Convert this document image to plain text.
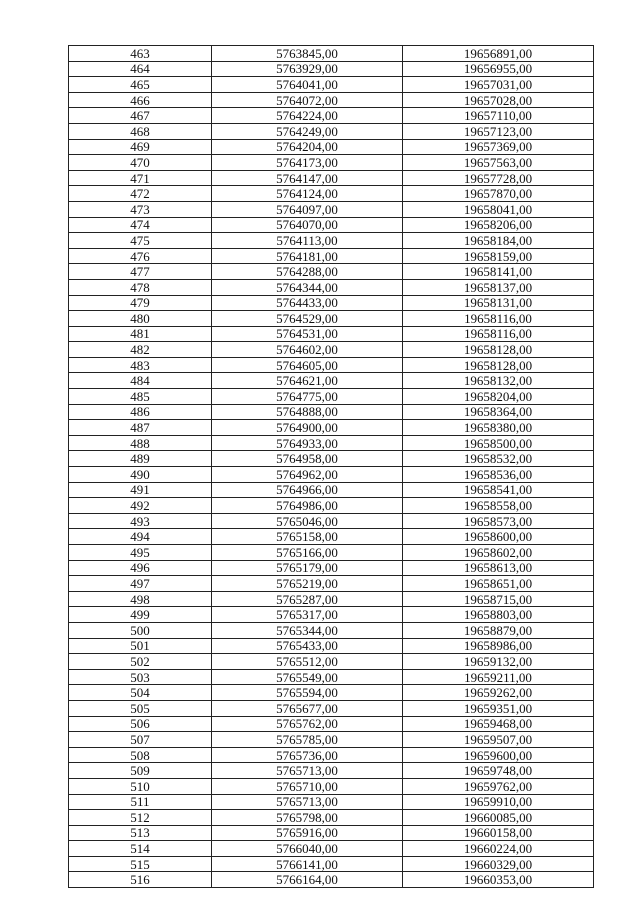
463	5763845,00	19656891,00
464	5763929,00	19656955,00
465	5764041,00	19657031,00
466	5764072,00	19657028,00
467	5764224,00	19657110,00
468	5764249,00	19657123,00
469	5764204,00	19657369,00
470	5764173,00	19657563,00
471	5764147,00	19657728,00
472	5764124,00	19657870,00
473	5764097,00	19658041,00
474	5764070,00	19658206,00
475	5764113,00	19658184,00
476	5764181,00	19658159,00
477	5764288,00	19658141,00
478	5764344,00	19658137,00
479	5764433,00	19658131,00
480	5764529,00	19658116,00
481	5764531,00	19658116,00
482	5764602,00	19658128,00
483	5764605,00	19658128,00
484	5764621,00	19658132,00
485	5764775,00	19658204,00
486	5764888,00	19658364,00
487	5764900,00	19658380,00
488	5764933,00	19658500,00
489	5764958,00	19658532,00
490	5764962,00	19658536,00
491	5764966,00	19658541,00
492	5764986,00	19658558,00
493	5765046,00	19658573,00
494	5765158,00	19658600,00
495	5765166,00	19658602,00
496	5765179,00	19658613,00
497	5765219,00	19658651,00
498	5765287,00	19658715,00
499	5765317,00	19658803,00
500	5765344,00	19658879,00
501	5765433,00	19658986,00
502	5765512,00	19659132,00
503	5765549,00	19659211,00
504	5765594,00	19659262,00
505	5765677,00	19659351,00
506	5765762,00	19659468,00
507	5765785,00	19659507,00
508	5765736,00	19659600,00
509	5765713,00	19659748,00
510	5765710,00	19659762,00
511	5765713,00	19659910,00
512	5765798,00	19660085,00
513	5765916,00	19660158,00
514	5766040,00	19660224,00
515	5766141,00	19660329,00
516	5766164,00	19660353,00
